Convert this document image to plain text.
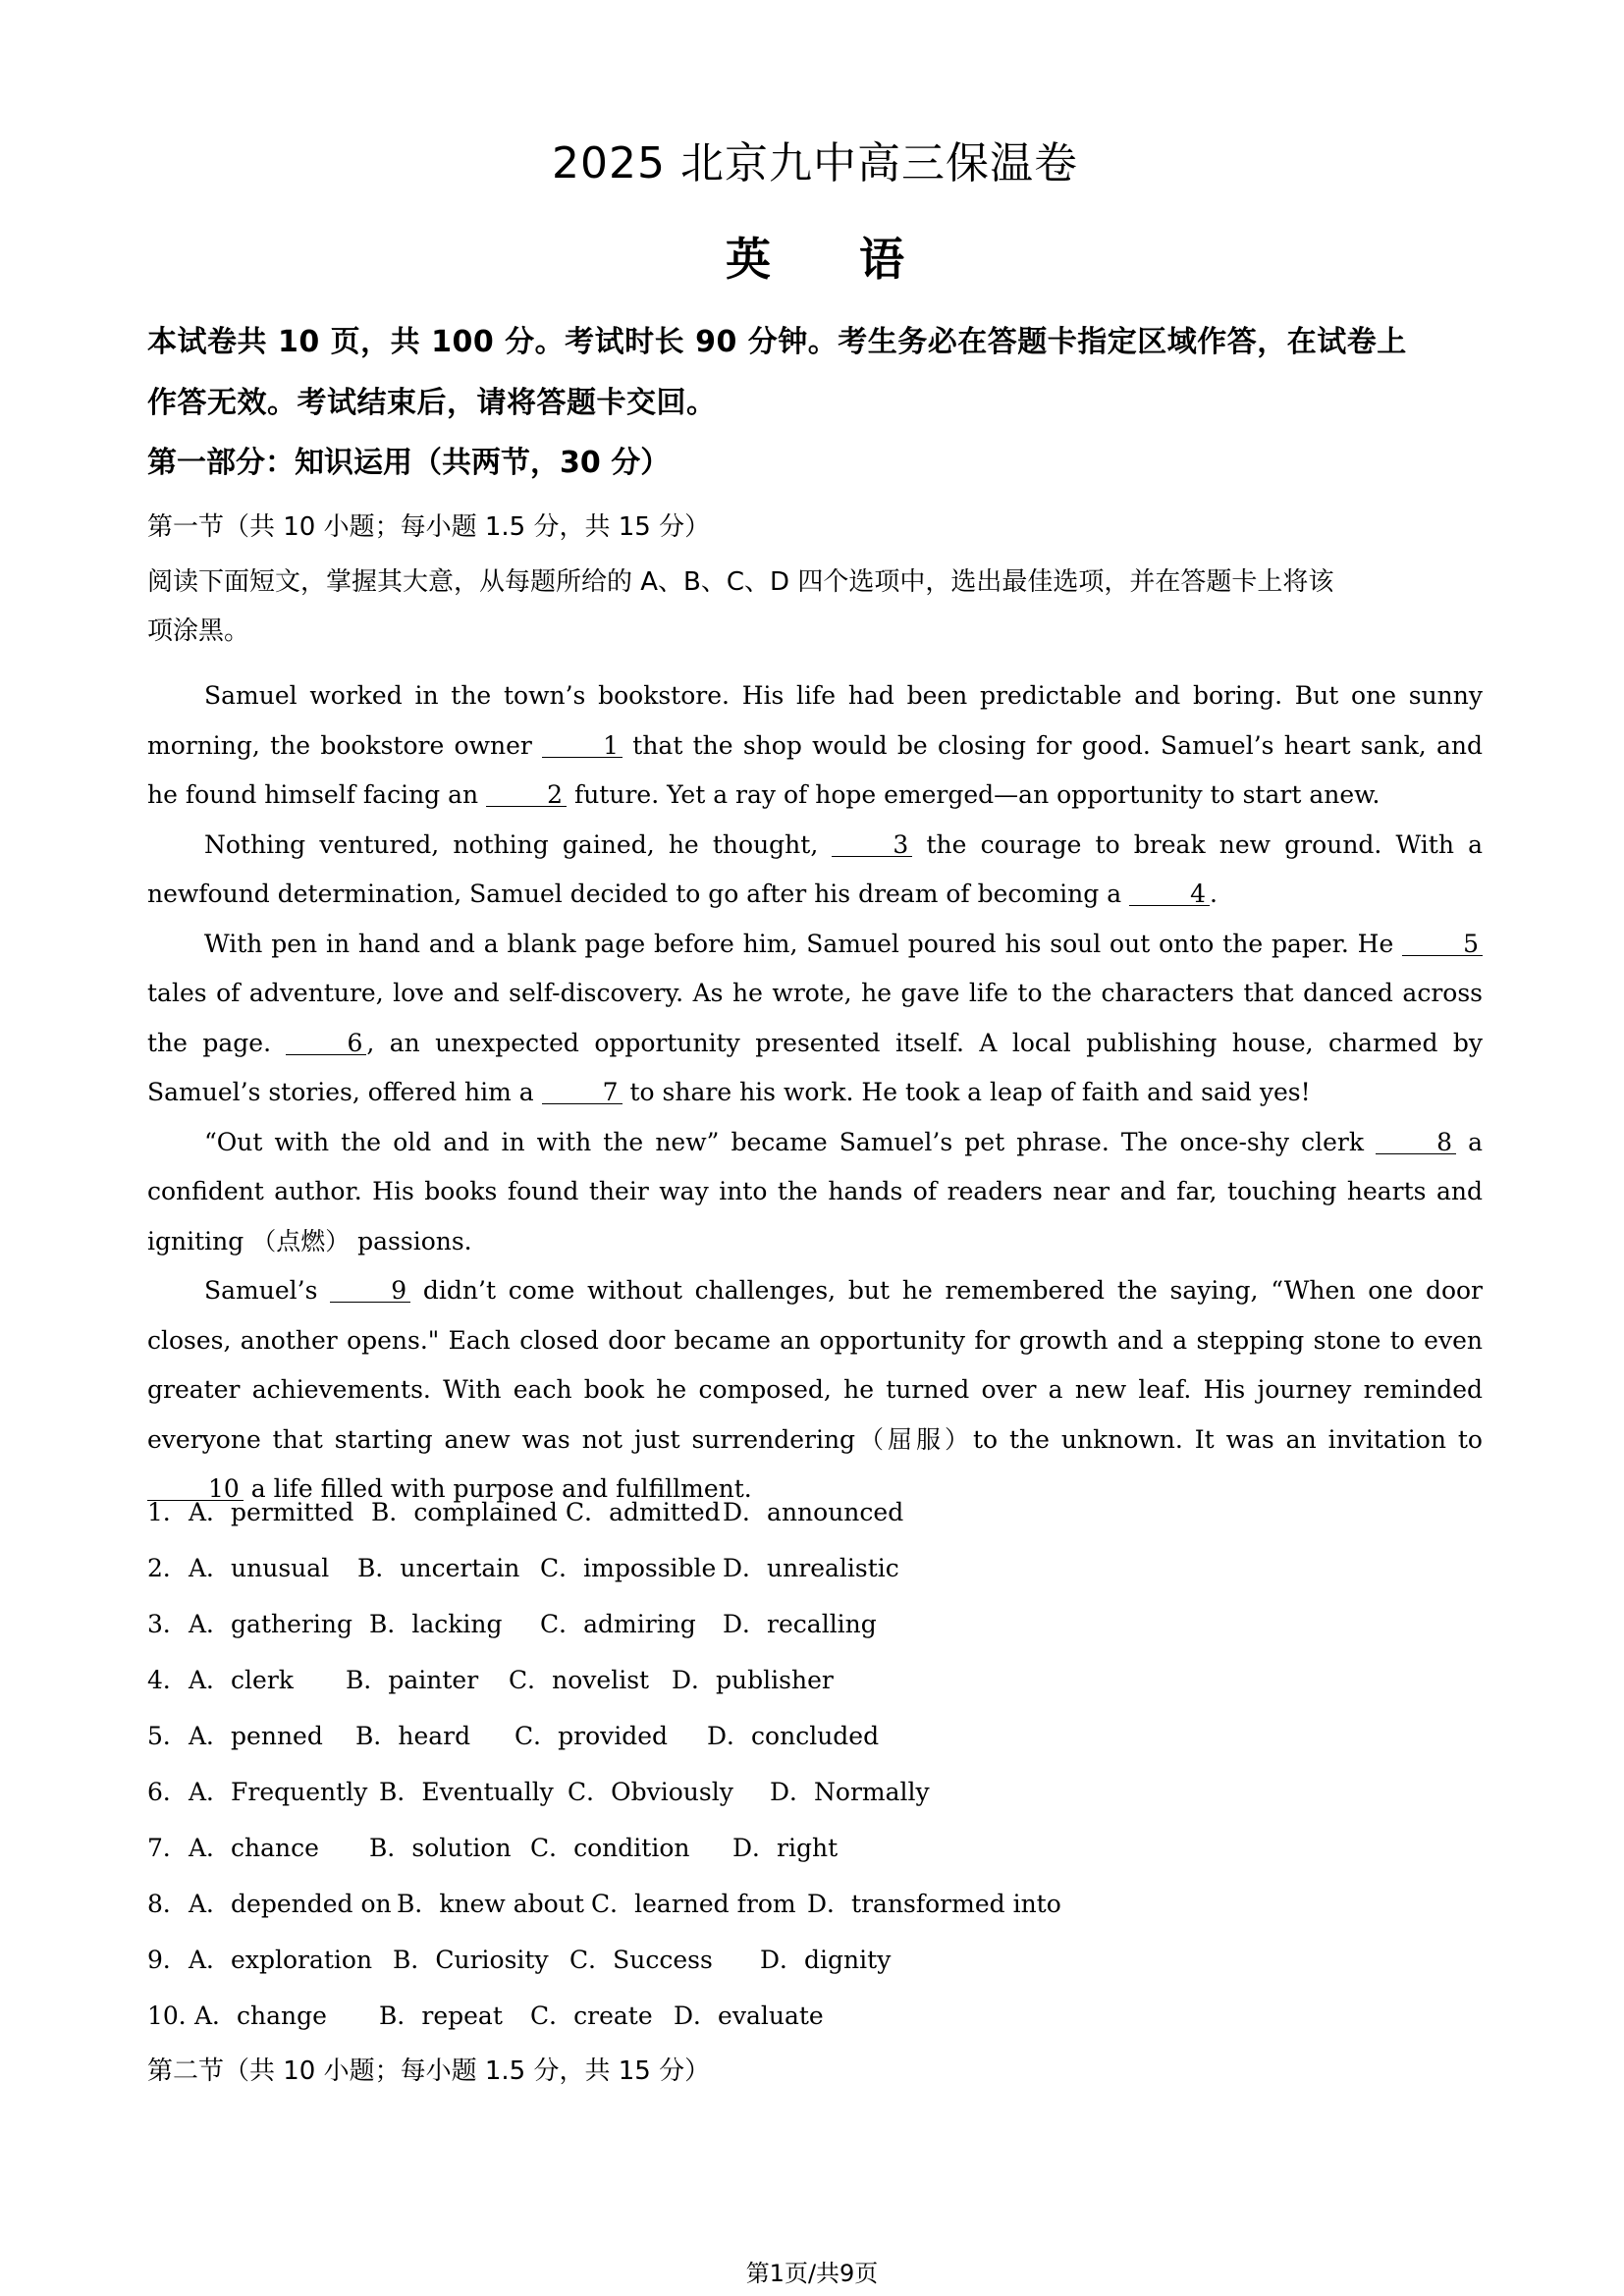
2025 北京九中高三保温卷
英语
本试卷共 10 页，共 100 分。考试时长 90 分钟。考生务必在答题卡指定区域作答，在试卷上
作答无效。考试结束后，请将答题卡交回。
第一部分：知识运用（共两节，30 分）
第一节（共 10 小题；每小题 1.5 分，共 15 分）
阅读下面短文，掌握其大意，从每题所给的 A、B、C、D 四个选项中，选出最佳选项，并在答题卡上将该
项涂黑。

Samuel worked in the town’s bookstore. His life had been predictable and boring. But one sunny morning, the bookstore owner 1 that the shop would be closing for good. Samuel’s heart sank, and he found himself facing an 2 future. Yet a ray of hope emerged—an opportunity to start anew.

Nothing ventured, nothing gained, he thought, 3 the courage to break new ground. With a newfound determination, Samuel decided to go after his dream of becoming a 4 .

With pen in hand and a blank page before him, Samuel poured his soul out onto the paper. He 5 tales of adventure, love and self-discovery. As he wrote, he gave life to the characters that danced across the page. 6 , an unexpected opportunity presented itself. A local publishing house, charmed by Samuel’s stories, offered him a 7 to share his work. He took a leap of faith and said yes!

“Out with the old and in with the new” became Samuel’s pet phrase. The once-shy clerk 8 a confident author. His books found their way into the hands of readers near and far, touching hearts and igniting （点燃） passions.

Samuel’s 9 didn’t come without challenges, but he remembered the saying, “When one door closes, another opens." Each closed door became an opportunity for growth and a stepping stone to even greater achievements. With each book he composed, he turned over a new leaf. His journey reminded everyone that starting anew was not just surrendering（屈服）to the unknown. It was an invitation to 10 a life filled with purpose and fulfillment.

1． A．permitted B．complained C．admitted D．announced
2． A．unusual B．uncertain C．impossible D．unrealistic
3． A．gathering B．lacking C．admiring D．recalling
4． A．clerk B．painter C．novelist D．publisher
5． A．penned B．heard C．provided D．concluded
6． A．Frequently B．Eventually C．Obviously D．Normally
7． A．chance B．solution C．condition D．right
8． A．depended on B．knew about C．learned from D．transformed into
9． A．exploration B．Curiosity C．Success D．dignity
10．
A．change B．repeat C．create D．evaluate
第二节（共 10 小题；每小题 1.5 分，共 15 分）
第1页/共9页
